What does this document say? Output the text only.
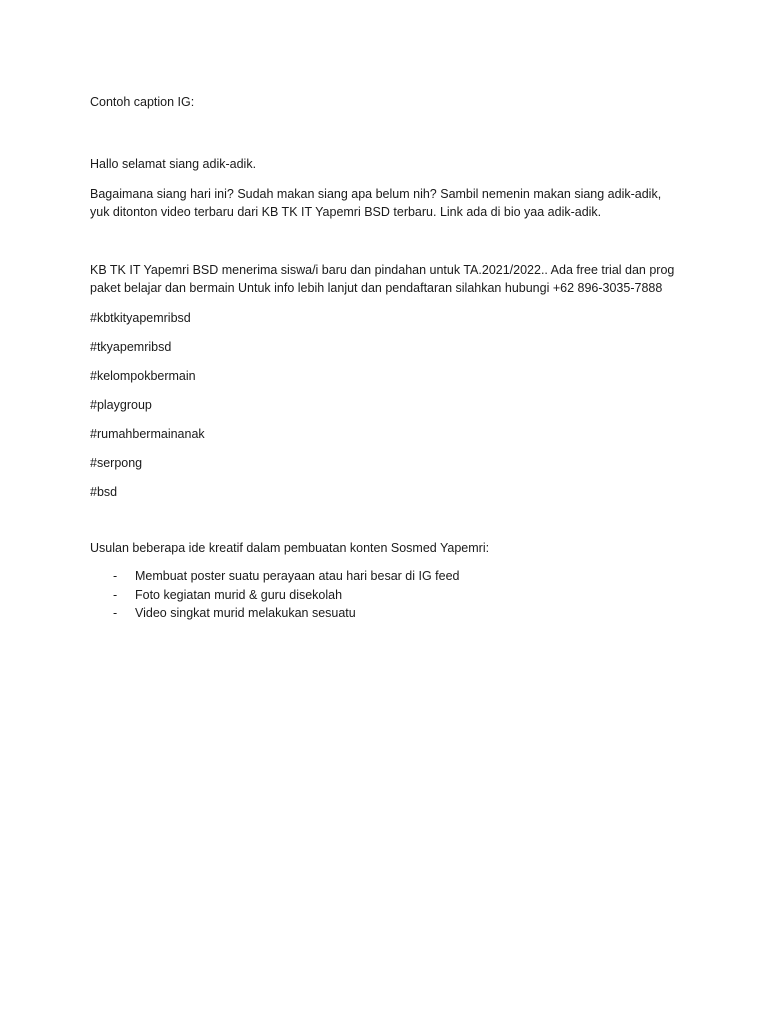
Contoh caption IG:

Hallo selamat siang adik-adik.

Bagaimana siang hari ini? Sudah makan siang apa belum nih? Sambil nemenin makan siang adik-adik,

yuk ditonton video terbaru dari KB TK IT Yapemri BSD terbaru. Link ada di bio yaa adik-adik.

KB TK IT Yapemri BSD menerima siswa/i baru dan pindahan untuk TA.2021/2022.. Ada free trial dan prog

paket belajar dan bermain Untuk info lebih lanjut dan pendaftaran silahkan hubungi +62 896-3035-7888

#kbtkityapemribsd

#tkyapemribsd

#kelompokbermain

#playgroup

#rumahbermainanak

#serpong

#bsd

Usulan beberapa ide kreatif dalam pembuatan konten Sosmed Yapemri:

- Membuat poster suatu perayaan atau hari besar di IG feed
- Foto kegiatan murid & guru disekolah
- Video singkat murid melakukan sesuatu
